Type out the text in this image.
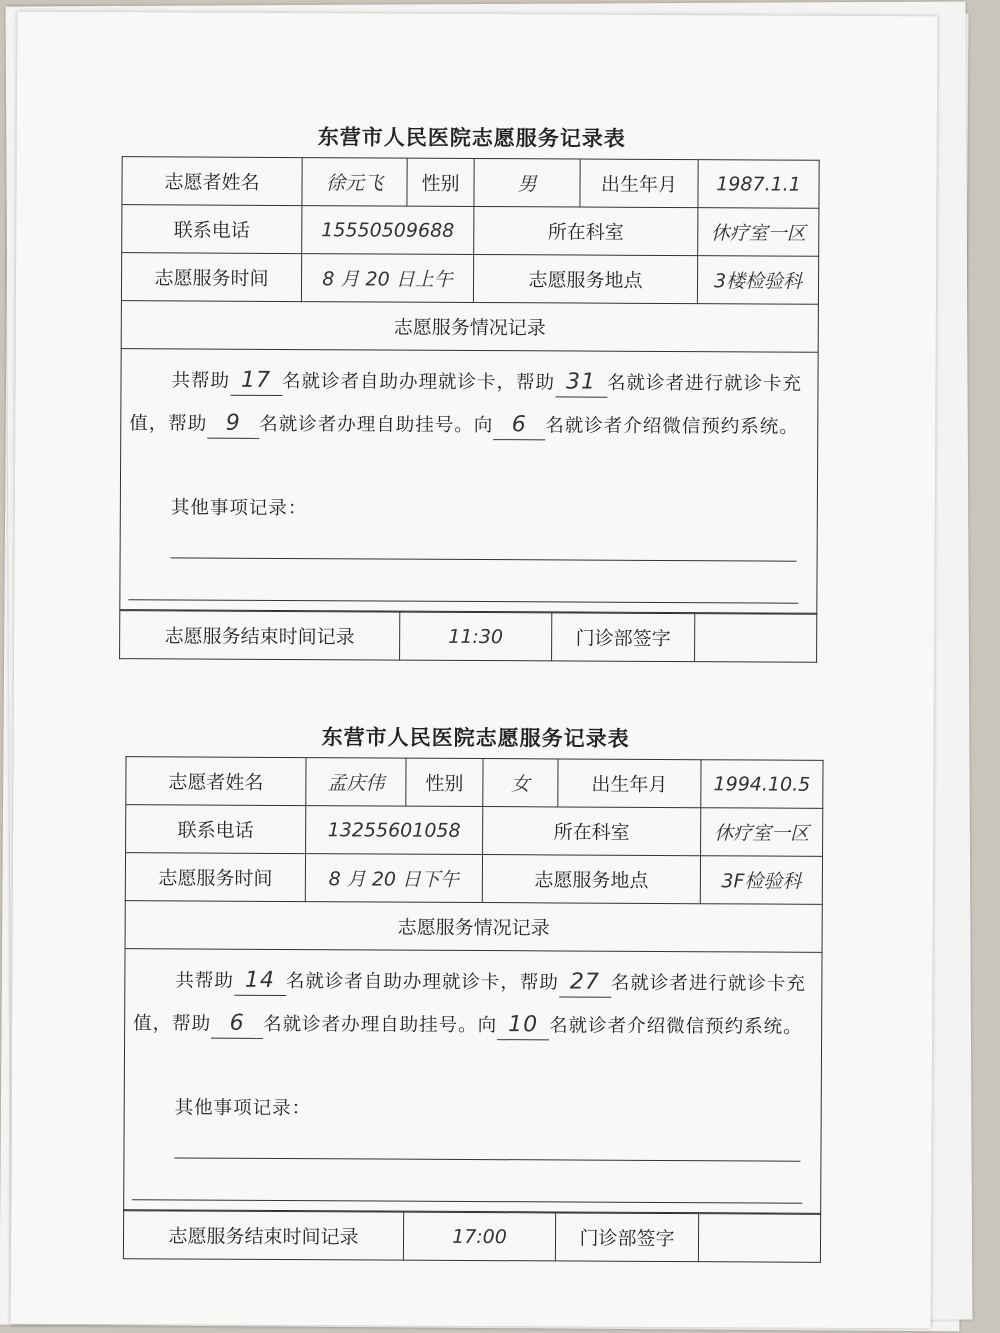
东营市人民医院志愿服务记录表
志愿者姓名	徐元飞	性别	男	出生年月	1987.1.1
联系电话	15550509688		所在科室		休疗室一区
志愿服务时间	8 月 20 日上午		志愿服务地点		3楼检验科
志愿服务情况记录					

共帮助 17 名就诊者自助办理就诊卡，帮助 31 名就诊者进行就诊卡充值，帮助 9 名就诊者办理自助挂号。向 6 名就诊者介绍微信预约系统。
其他事项记录：					
志愿服务结束时间记录	11:30	门诊部签字	
东营市人民医院志愿服务记录表
志愿者姓名	孟庆伟	性别	女	出生年月	1994.10.5
联系电话	13255601058		所在科室		休疗室一区
志愿服务时间	8 月 20 日下午		志愿服务地点		3F检验科
志愿服务情况记录					

共帮助 14 名就诊者自助办理就诊卡，帮助 27 名就诊者进行就诊卡充值，帮助 6 名就诊者办理自助挂号。向 10 名就诊者介绍微信预约系统。
其他事项记录：					
志愿服务结束时间记录	17:00	门诊部签字	
